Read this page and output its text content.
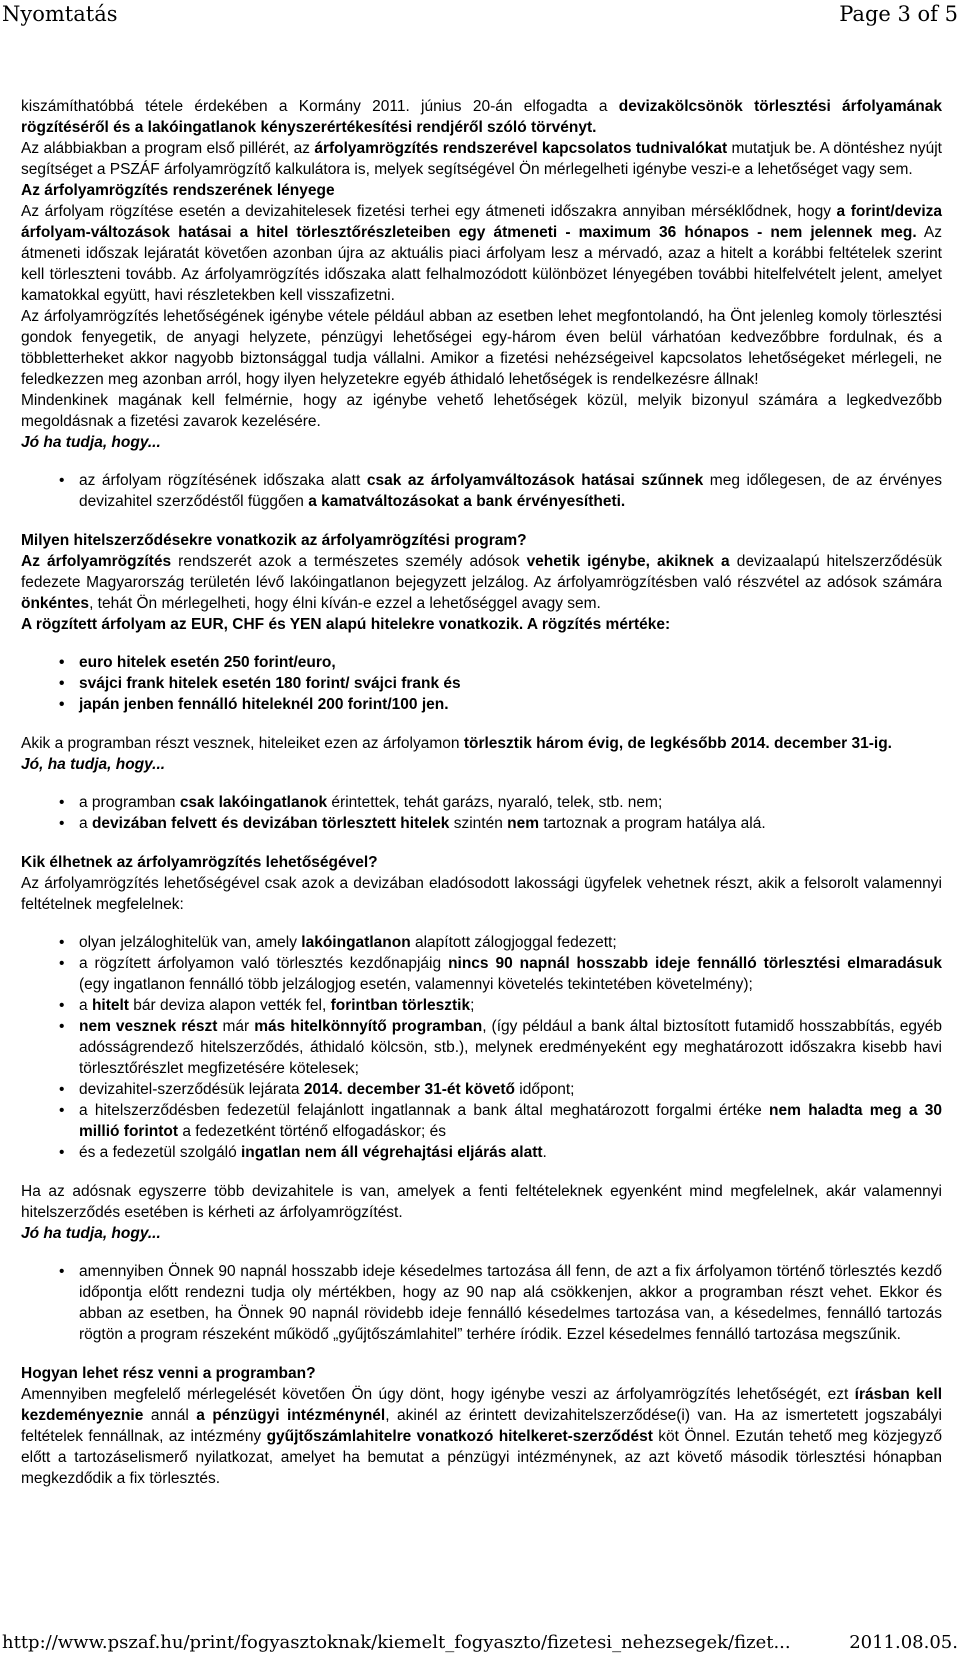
Nyomtatás	Page 3 of 5

kiszámíthatóbbá tétele érdekében a Kormány 2011. június 20-án elfogadta a devizakölcsönök törlesztési árfolyamának rögzítéséről és a lakóingatlanok kényszerértékesítési rendjéről szóló törvényt.

Az alábbiakban a program első pillérét, az árfolyamrögzítés rendszerével kapcsolatos tudnivalókat mutatjuk be. A döntéshez nyújt segítséget a PSZÁF árfolyamrögzítő kalkulátora is, melyek segítségével Ön mérlegelheti igénybe veszi-e a lehetőséget vagy sem.

Az árfolyamrögzítés rendszerének lényege

Az árfolyam rögzítése esetén a devizahitelesek fizetési terhei egy átmeneti időszakra annyiban mérséklődnek, hogy a forint/deviza árfolyam-változások hatásai a hitel törlesztőrészleteiben egy átmeneti - maximum 36 hónapos - nem jelennek meg. Az átmeneti időszak lejáratát követően azonban újra az aktuális piaci árfolyam lesz a mérvadó, azaz a hitelt a korábbi feltételek szerint kell törleszteni tovább. Az árfolyamrögzítés időszaka alatt felhalmozódott különbözet lényegében további hitelfelvételt jelent, amelyet kamatokkal együtt, havi részletekben kell visszafizetni.

Az árfolyamrögzítés lehetőségének igénybe vétele például abban az esetben lehet megfontolandó, ha Önt jelenleg komoly törlesztési gondok fenyegetik, de anyagi helyzete, pénzügyi lehetőségei egy-három éven belül várhatóan kedvezőbbre fordulnak, és a többletterheket akkor nagyobb biztonsággal tudja vállalni. Amikor a fizetési nehézségeivel kapcsolatos lehetőségeket mérlegeli, ne feledkezzen meg azonban arról, hogy ilyen helyzetekre egyéb áthidaló lehetőségek is rendelkezésre állnak!

Mindenkinek magának kell felmérnie, hogy az igénybe vehető lehetőségek közül, melyik bizonyul számára a legkedvezőbb megoldásnak a fizetési zavarok kezelésére.

Jó ha tudja, hogy...

• az árfolyam rögzítésének időszaka alatt csak az árfolyamváltozások hatásai szűnnek meg időlegesen, de az érvényes devizahitel szerződéstől függően a kamatváltozásokat a bank érvényesítheti.

Milyen hitelszerződésekre vonatkozik az árfolyamrögzítési program?

Az árfolyamrögzítés rendszerét azok a természetes személy adósok vehetik igénybe, akiknek a devizaalapú hitelszerződésük fedezete Magyarország területén lévő lakóingatlanon bejegyzett jelzálog. Az árfolyamrögzítésben való részvétel az adósok számára önkéntes, tehát Ön mérlegelheti, hogy élni kíván-e ezzel a lehetőséggel avagy sem.

A rögzített árfolyam az EUR, CHF és YEN alapú hitelekre vonatkozik. A rögzítés mértéke:

• euro hitelek esetén 250 forint/euro,
• svájci frank hitelek esetén 180 forint/ svájci frank és
• japán jenben fennálló hiteleknél 200 forint/100 jen.

Akik a programban részt vesznek, hiteleiket ezen az árfolyamon törlesztik három évig, de legkésőbb 2014. december 31-ig.

Jó, ha tudja, hogy...

• a programban csak lakóingatlanok érintettek, tehát garázs, nyaraló, telek, stb. nem;
• a devizában felvett és devizában törlesztett hitelek szintén nem tartoznak a program hatálya alá.

Kik élhetnek az árfolyamrögzítés lehetőségével?

Az árfolyamrögzítés lehetőségével csak azok a devizában eladósodott lakossági ügyfelek vehetnek részt, akik a felsorolt valamennyi feltételnek megfelelnek:

• olyan jelzáloghitelük van, amely lakóingatlanon alapított zálogjoggal fedezett;
• a rögzített árfolyamon való törlesztés kezdőnapjáig nincs 90 napnál hosszabb ideje fennálló törlesztési elmaradásuk (egy ingatlanon fennálló több jelzálogjog esetén, valamennyi követelés tekintetében követelmény);
• a hitelt bár deviza alapon vették fel, forintban törlesztik;
• nem vesznek részt már más hitelkönnyítő programban, (így például a bank által biztosított futamidő hosszabbítás, egyéb adósságrendező hitelszerződés, áthidaló kölcsön, stb.), melynek eredményeként egy meghatározott időszakra kisebb havi törlesztőrészlet megfizetésére kötelesek;
• devizahitel-szerződésük lejárata 2014. december 31-ét követő időpont;
• a hitelszerződésben fedezetül felajánlott ingatlannak a bank által meghatározott forgalmi értéke nem haladta meg a 30 millió forintot a fedezetként történő elfogadáskor; és
• és a fedezetül szolgáló ingatlan nem áll végrehajtási eljárás alatt.

Ha az adósnak egyszerre több devizahitele is van, amelyek a fenti feltételeknek egyenként mind megfelelnek, akár valamennyi hitelszerződés esetében is kérheti az árfolyamrögzítést.

Jó ha tudja, hogy...

• amennyiben Önnek 90 napnál hosszabb ideje késedelmes tartozása áll fenn, de azt a fix árfolyamon történő törlesztés kezdő időpontja előtt rendezni tudja oly mértékben, hogy az 90 nap alá csökkenjen, akkor a programban részt vehet. Ekkor és abban az esetben, ha Önnek 90 napnál rövidebb ideje fennálló késedelmes tartozása van, a késedelmes, fennálló tartozás rögtön a program részeként működő „gyűjtőszámlahitel” terhére íródik. Ezzel késedelmes fennálló tartozása megszűnik.

Hogyan lehet rész venni a programban?

Amennyiben megfelelő mérlegelését követően Ön úgy dönt, hogy igénybe veszi az árfolyamrögzítés lehetőségét, ezt írásban kell kezdeményeznie annál a pénzügyi intézménynél, akinél az érintett devizahitelszerződése(i) van. Ha az ismertetett jogszabályi feltételek fennállnak, az intézmény gyűjtőszámlahitelre vonatkozó hitelkeret-szerződést köt Önnel. Ezután tehető meg közjegyző előtt a tartozáselismerő nyilatkozat, amelyet ha bemutat a pénzügyi intézménynek, az azt követő második törlesztési hónapban megkezdődik a fix törlesztés.

http://www.pszaf.hu/print/fogyasztoknak/kiemelt_fogyaszto/fizetesi_nehezsegek/fizet...	2011.08.05.
